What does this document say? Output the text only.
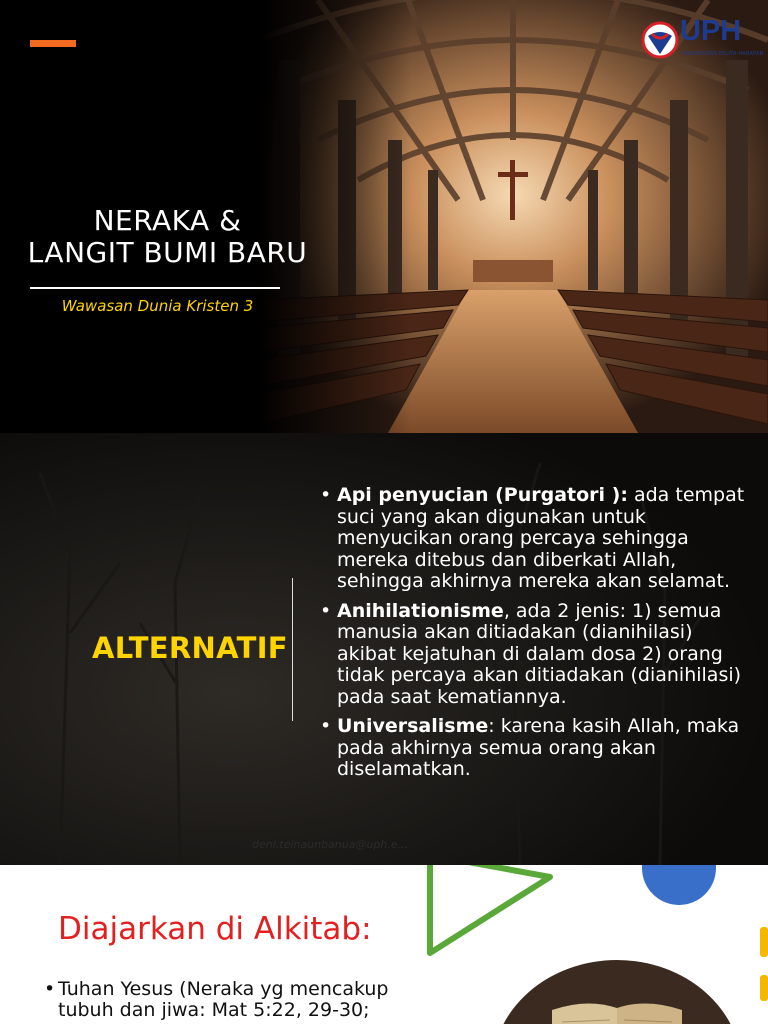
NERAKA &
LANGIT BUMI BARU
Wawasan Dunia Kristen 3
UPH
UNIVERSITAS PELITA HARAPAN
ALTERNATIF
• Api penyucian (Purgatori ): ada tempat suci yang akan digunakan untuk menyucikan orang percaya sehingga mereka ditebus dan diberkati Allah, sehingga akhirnya mereka akan selamat.
• Anihilationisme, ada 2 jenis: 1) semua manusia akan ditiadakan (dianihilasi) akibat kejatuhan di dalam dosa 2) orang tidak percaya akan ditiadakan (dianihilasi) pada saat kematiannya.
• Universalisme: karena kasih Allah, maka pada akhirnya semua orang akan diselamatkan.
deni.teinaunbanua@uph.e...
Diajarkan di Alkitab:
• Tuhan Yesus (Neraka yg mencakup tubuh dan jiwa: Mat 5:22, 29-30;
